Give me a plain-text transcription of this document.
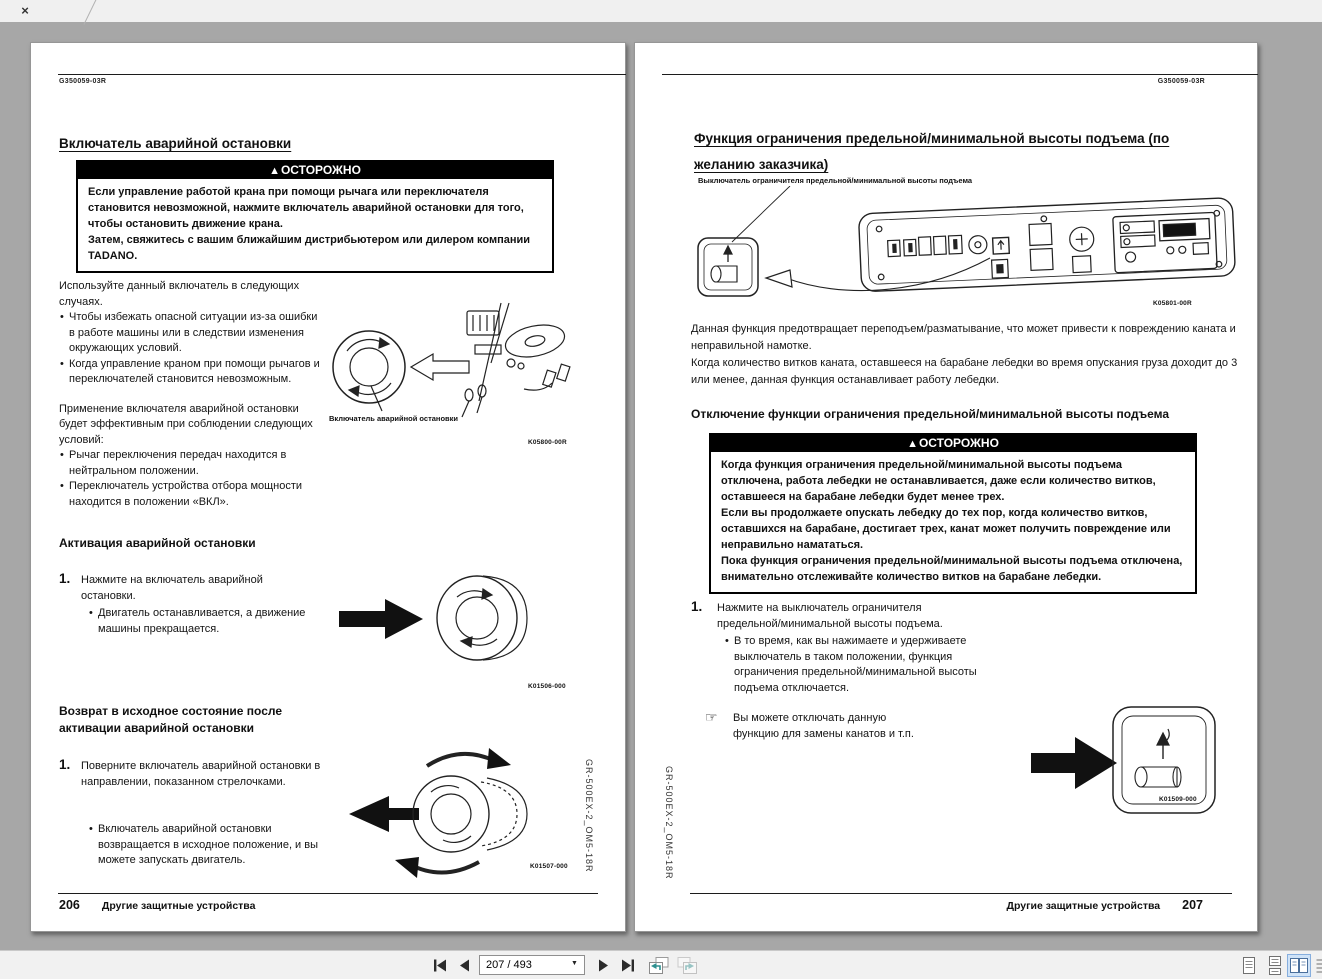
×
G350059-03R
Включатель аварийной остановки
▲ОСТОРОЖНО
Если управление работой крана при помощи рычага или переключателя становится невозможной, нажмите включатель аварийной остановки для того, чтобы остановить движение крана.
Затем, свяжитесь с вашим ближайшим дистрибьютером или дилером компании TADANO.
Используйте данный включатель в следующих случаях.
• Чтобы избежать опасной ситуации из-за ошибки в работе машины или в следствии изменения окружающих условий.
• Когда управление краном при помощи рычагов и переключателей становится невозможным.
Применение включателя аварийной остановки будет эффективным при соблюдении следующих условий:
• Рычаг переключения передач находится в нейтральном положении.
• Переключатель устройства отбора мощности находится в положении «ВКЛ».
Включатель аварийной остановки
K05800-00R
Активация аварийной остановки
1. Нажмите на включатель аварийной остановки.
• Двигатель останавливается, а движение машины прекращается.
K01506-000
Возврат в исходное состояние после активации аварийной остановки
1. Поверните включатель аварийной остановки в направлении, показанном стрелочками.
• Включатель аварийной остановки возвращается в исходное положение, и вы можете запускать двигатель.
K01507-000 GR-500EX-2_OM5-18R
206 Другие защитные устройства
G350059-03R
Функция ограничения предельной/минимальной высоты подъема (по желанию заказчика)
Выключатель ограничителя предельной/минимальной высоты подъема
K05801-00R
Данная функция предотвращает переподъем/разматывание, что может привести к повреждению каната и неправильной намотке.
Когда количество витков каната, оставшееся на барабане лебедки во время опускания груза доходит до 3 или менее, данная функция останавливает работу лебедки.
Отключение функции ограничения предельной/минимальной высоты подъема
▲ОСТОРОЖНО
Когда функция ограничения предельной/минимальной высоты подъема отключена, работа лебедки не останавливается, даже если количество витков, оставшееся на барабане лебедки будет менее трех.
Если вы продолжаете опускать лебедку до тех пор, когда количество витков, оставшихся на барабане, достигает трех, канат может получить повреждение или неправильно намататься.
Пока функция ограничения предельной/минимальной высоты подъема отключена, внимательно отслеживайте количество витков на барабане лебедки.
1. Нажмите на выключатель ограничителя предельной/минимальной высоты подъема.
• В то время, как вы нажимаете и удерживаете выключатель в таком положении, функция ограничения предельной/минимальной высоты подъема отключается.
☞ Вы можете отключать данную функцию для замены канатов и т.п.
K01509-000
GR-500EX-2_OM5-18R
Другие защитные устройства 207
207 / 493	▼
